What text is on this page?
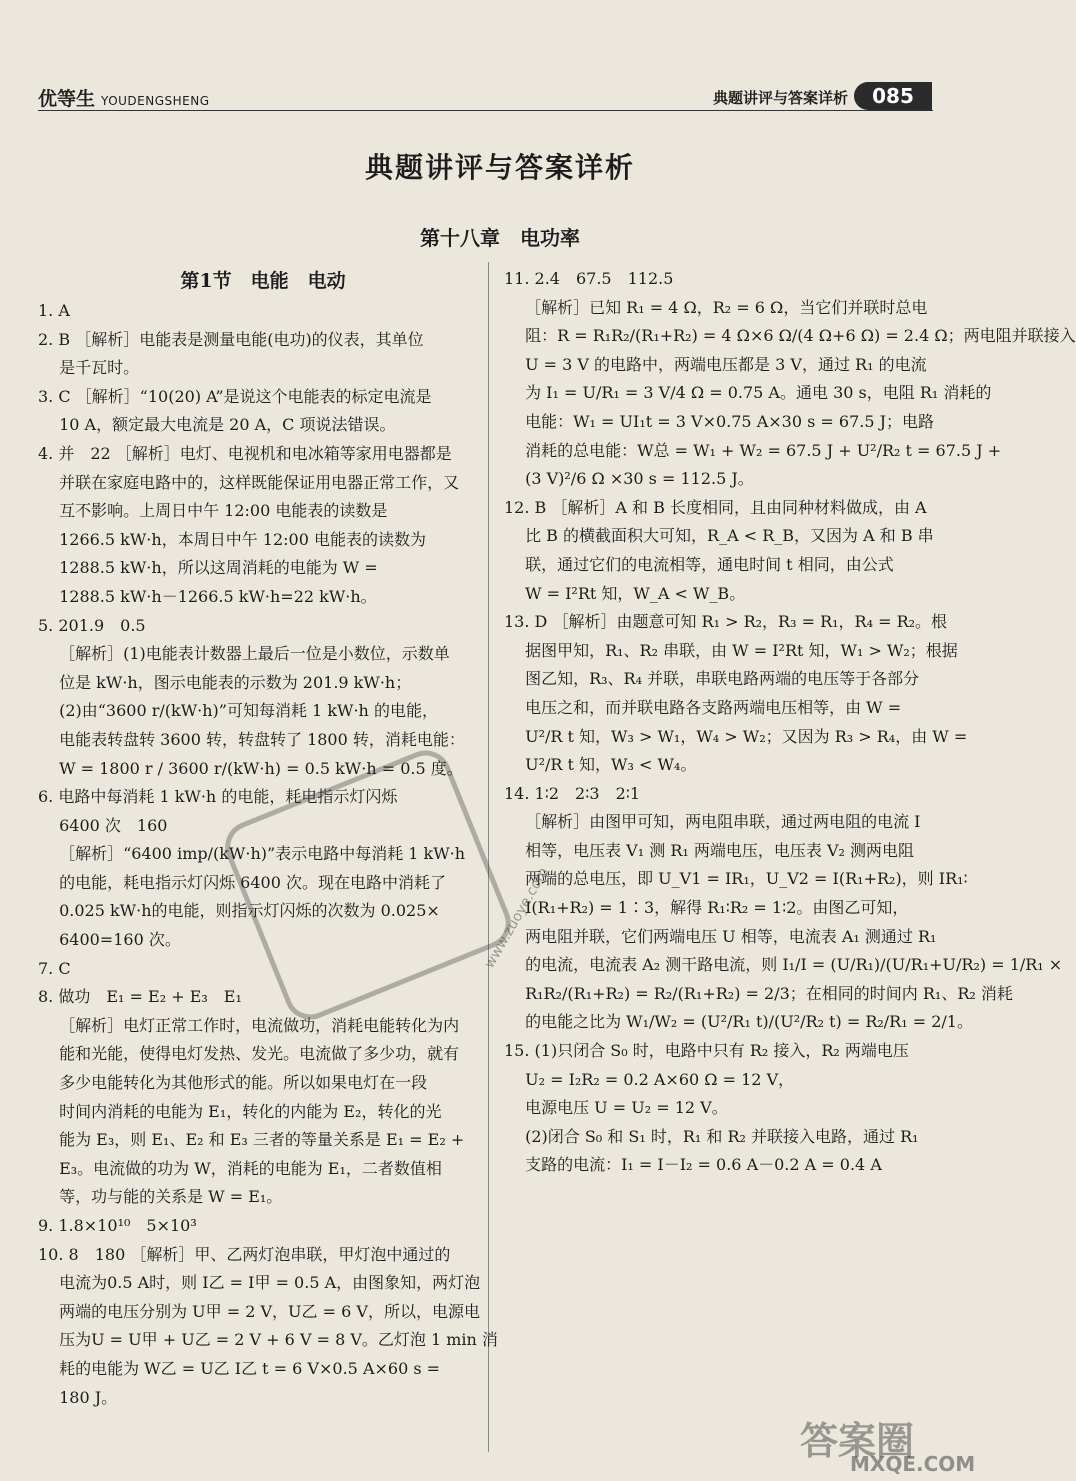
优等生 YOUDENGSHENG	典题讲评与答案详析	085
典题讲评与答案详析
第十八章　电功率
第1节　电能　电动

1. A

2. B ［解析］电能表是测量电能(电功)的仪表，其单位

　 是千瓦时。

3. C ［解析］“10(20) A”是说这个电能表的标定电流是

　 10 A，额定最大电流是 20 A，C 项说法错误。

4. 并　22 ［解析］电灯、电视机和电冰箱等家用电器都是

　 并联在家庭电路中的，这样既能保证用电器正常工作，又

　 互不影响。上周日中午 12:00 电能表的读数是

　 1266.5 kW·h，本周日中午 12:00 电能表的读数为

　 1288.5 kW·h，所以这周消耗的电能为 W =

　 1288.5 kW·h－1266.5 kW·h=22 kW·h。

5. 201.9　0.5

　 ［解析］(1)电能表计数器上最后一位是小数位，示数单

　 位是 kW·h，图示电能表的示数为 201.9 kW·h；

　 (2)由“3600 r/(kW·h)”可知每消耗 1 kW·h 的电能，

　 电能表转盘转 3600 转，转盘转了 1800 转，消耗电能：

　 W = 1800 r / 3600 r/(kW·h) = 0.5 kW·h = 0.5 度。

6. 电路中每消耗 1 kW·h 的电能，耗电指示灯闪烁

　 6400 次　160

　 ［解析］“6400 imp/(kW·h)”表示电路中每消耗 1 kW·h

　 的电能，耗电指示灯闪烁 6400 次。现在电路中消耗了

　 0.025 kW·h的电能，则指示灯闪烁的次数为 0.025×

　 6400=160 次。

7. C

8. 做功　E₁ = E₂ + E₃　E₁

　 ［解析］电灯正常工作时，电流做功，消耗电能转化为内

　 能和光能，使得电灯发热、发光。电流做了多少功，就有

　 多少电能转化为其他形式的能。所以如果电灯在一段

　 时间内消耗的电能为 E₁，转化的内能为 E₂，转化的光

　 能为 E₃，则 E₁、E₂ 和 E₃ 三者的等量关系是 E₁ = E₂ +

　 E₃。电流做的功为 W，消耗的电能为 E₁，二者数值相

　 等，功与能的关系是 W = E₁。

9. 1.8×10¹⁰　5×10³

10. 8　180 ［解析］甲、乙两灯泡串联，甲灯泡中通过的

　 电流为0.5 A时，则 I乙 = I甲 = 0.5 A，由图象知，两灯泡

　 两端的电压分别为 U甲 = 2 V，U乙 = 6 V，所以，电源电

　 压为U = U甲 + U乙 = 2 V + 6 V = 8 V。乙灯泡 1 min 消

　 耗的电能为 W乙 = U乙 I乙 t = 6 V×0.5 A×60 s =

　 180 J。

11. 2.4　67.5　112.5

　 ［解析］已知 R₁ = 4 Ω，R₂ = 6 Ω，当它们并联时总电

　 阻：R = R₁R₂/(R₁+R₂) = 4 Ω×6 Ω/(4 Ω+6 Ω) = 2.4 Ω；两电阻并联接入

　 U = 3 V 的电路中，两端电压都是 3 V，通过 R₁ 的电流

　 为 I₁ = U/R₁ = 3 V/4 Ω = 0.75 A。通电 30 s，电阻 R₁ 消耗的

　 电能：W₁ = UI₁t = 3 V×0.75 A×30 s = 67.5 J；电路

　 消耗的总电能：W总 = W₁ + W₂ = 67.5 J + U²/R₂ t = 67.5 J +

　 (3 V)²/6 Ω ×30 s = 112.5 J。

12. B ［解析］A 和 B 长度相同，且由同种材料做成，由 A

　 比 B 的横截面积大可知，R_A < R_B，又因为 A 和 B 串

　 联，通过它们的电流相等，通电时间 t 相同，由公式

　 W = I²Rt 知，W_A < W_B。

13. D ［解析］由题意可知 R₁ > R₂，R₃ = R₁，R₄ = R₂。根

　 据图甲知，R₁、R₂ 串联，由 W = I²Rt 知，W₁ > W₂；根据

　 图乙知，R₃、R₄ 并联，串联电路两端的电压等于各部分

　 电压之和，而并联电路各支路两端电压相等，由 W =

　 U²/R t 知，W₃ > W₁，W₄ > W₂；又因为 R₃ > R₄，由 W =

　 U²/R t 知，W₃ < W₄。

14. 1∶2　2∶3　2∶1

　 ［解析］由图甲可知，两电阻串联，通过两电阻的电流 I

　 相等，电压表 V₁ 测 R₁ 两端电压，电压表 V₂ 测两电阻

　 两端的总电压，即 U_V1 = IR₁，U_V2 = I(R₁+R₂)，则 IR₁∶

　 I(R₁+R₂) = 1∶3，解得 R₁∶R₂ = 1∶2。由图乙可知，

　 两电阻并联，它们两端电压 U 相等，电流表 A₁ 测通过 R₁

　 的电流，电流表 A₂ 测干路电流，则 I₁/I = (U/R₁)/(U/R₁+U/R₂) = 1/R₁ ×

　 R₁R₂/(R₁+R₂) = R₂/(R₁+R₂) = 2/3；在相同的时间内 R₁、R₂ 消耗

　 的电能之比为 W₁/W₂ = (U²/R₁ t)/(U²/R₂ t) = R₂/R₁ = 2/1。

15. (1)只闭合 S₀ 时，电路中只有 R₂ 接入，R₂ 两端电压

　 U₂ = I₂R₂ = 0.2 A×60 Ω = 12 V，

　 电源电压 U = U₂ = 12 V。

　 (2)闭合 S₀ 和 S₁ 时，R₁ 和 R₂ 并联接入电路，通过 R₁

　 支路的电流：I₁ = I－I₂ = 0.6 A－0.2 A = 0.4 A

www.zuoye.com
答案圈
MXQE.COM
